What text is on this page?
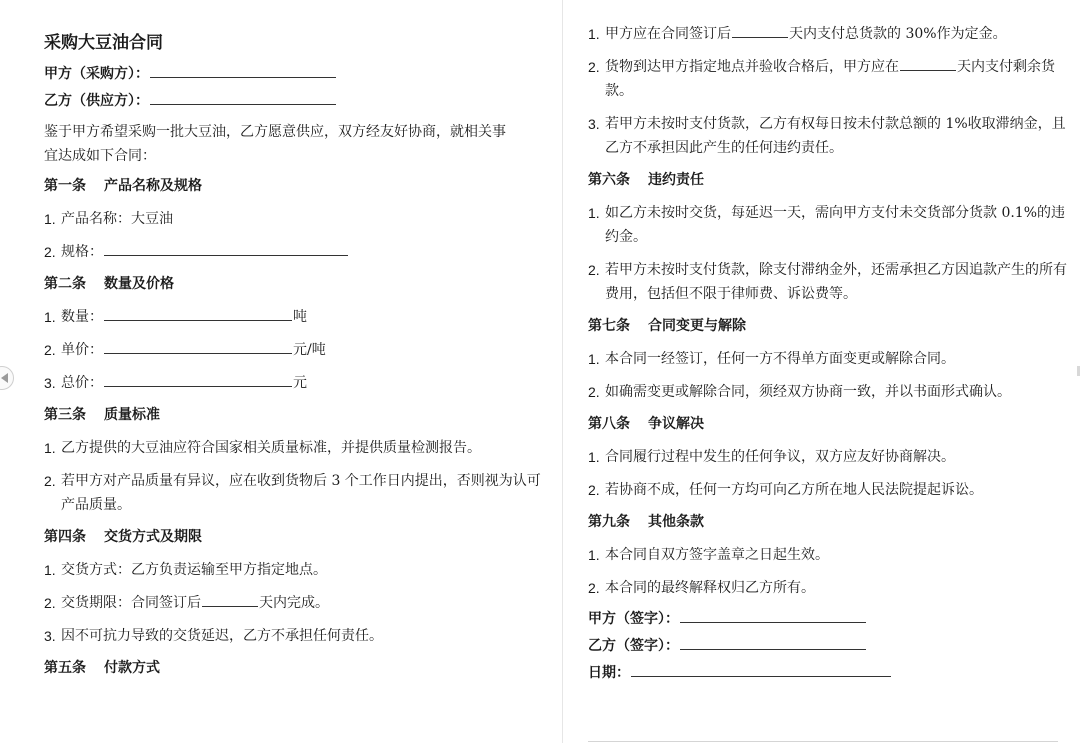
采购大豆油合同
甲方（采购方）：
乙方（供应方）：
鉴于甲方希望采购一批大豆油，乙方愿意供应，双方经友好协商，就相关事宜达成如下合同：
第一条 产品名称及规格
1. 产品名称：大豆油
2. 规格：
第二条 数量及价格
1. 数量：	吨
2. 单价：	元/吨
3. 总价：	元
第三条 质量标准
1. 乙方提供的大豆油应符合国家相关质量标准，并提供质量检测报告。
2. 若甲方对产品质量有异议，应在收到货物后 3 个工作日内提出，否则视为认可产品质量。
第四条 交货方式及期限
1. 交货方式：乙方负责运输至甲方指定地点。
2. 交货期限：合同签订后	天内完成。
3. 因不可抗力导致的交货延迟，乙方不承担任何责任。
第五条 付款方式
1. 甲方应在合同签订后	天内支付总货款的 30%作为定金。
2. 货物到达甲方指定地点并验收合格后，甲方应在	天内支付剩余货款。
3. 若甲方未按时支付货款，乙方有权每日按未付款总额的 1%收取滞纳金，且乙方不承担因此产生的任何违约责任。
第六条 违约责任
1. 如乙方未按时交货，每延迟一天，需向甲方支付未交货部分货款 0.1%的违约金。
2. 若甲方未按时支付货款，除支付滞纳金外，还需承担乙方因追款产生的所有费用，包括但不限于律师费、诉讼费等。
第七条 合同变更与解除
1. 本合同一经签订，任何一方不得单方面变更或解除合同。
2. 如确需变更或解除合同，须经双方协商一致，并以书面形式确认。
第八条 争议解决
1. 合同履行过程中发生的任何争议，双方应友好协商解决。
2. 若协商不成，任何一方均可向乙方所在地人民法院提起诉讼。
第九条 其他条款
1. 本合同自双方签字盖章之日起生效。
2. 本合同的最终解释权归乙方所有。
甲方（签字）：
乙方（签字）：
日期：
